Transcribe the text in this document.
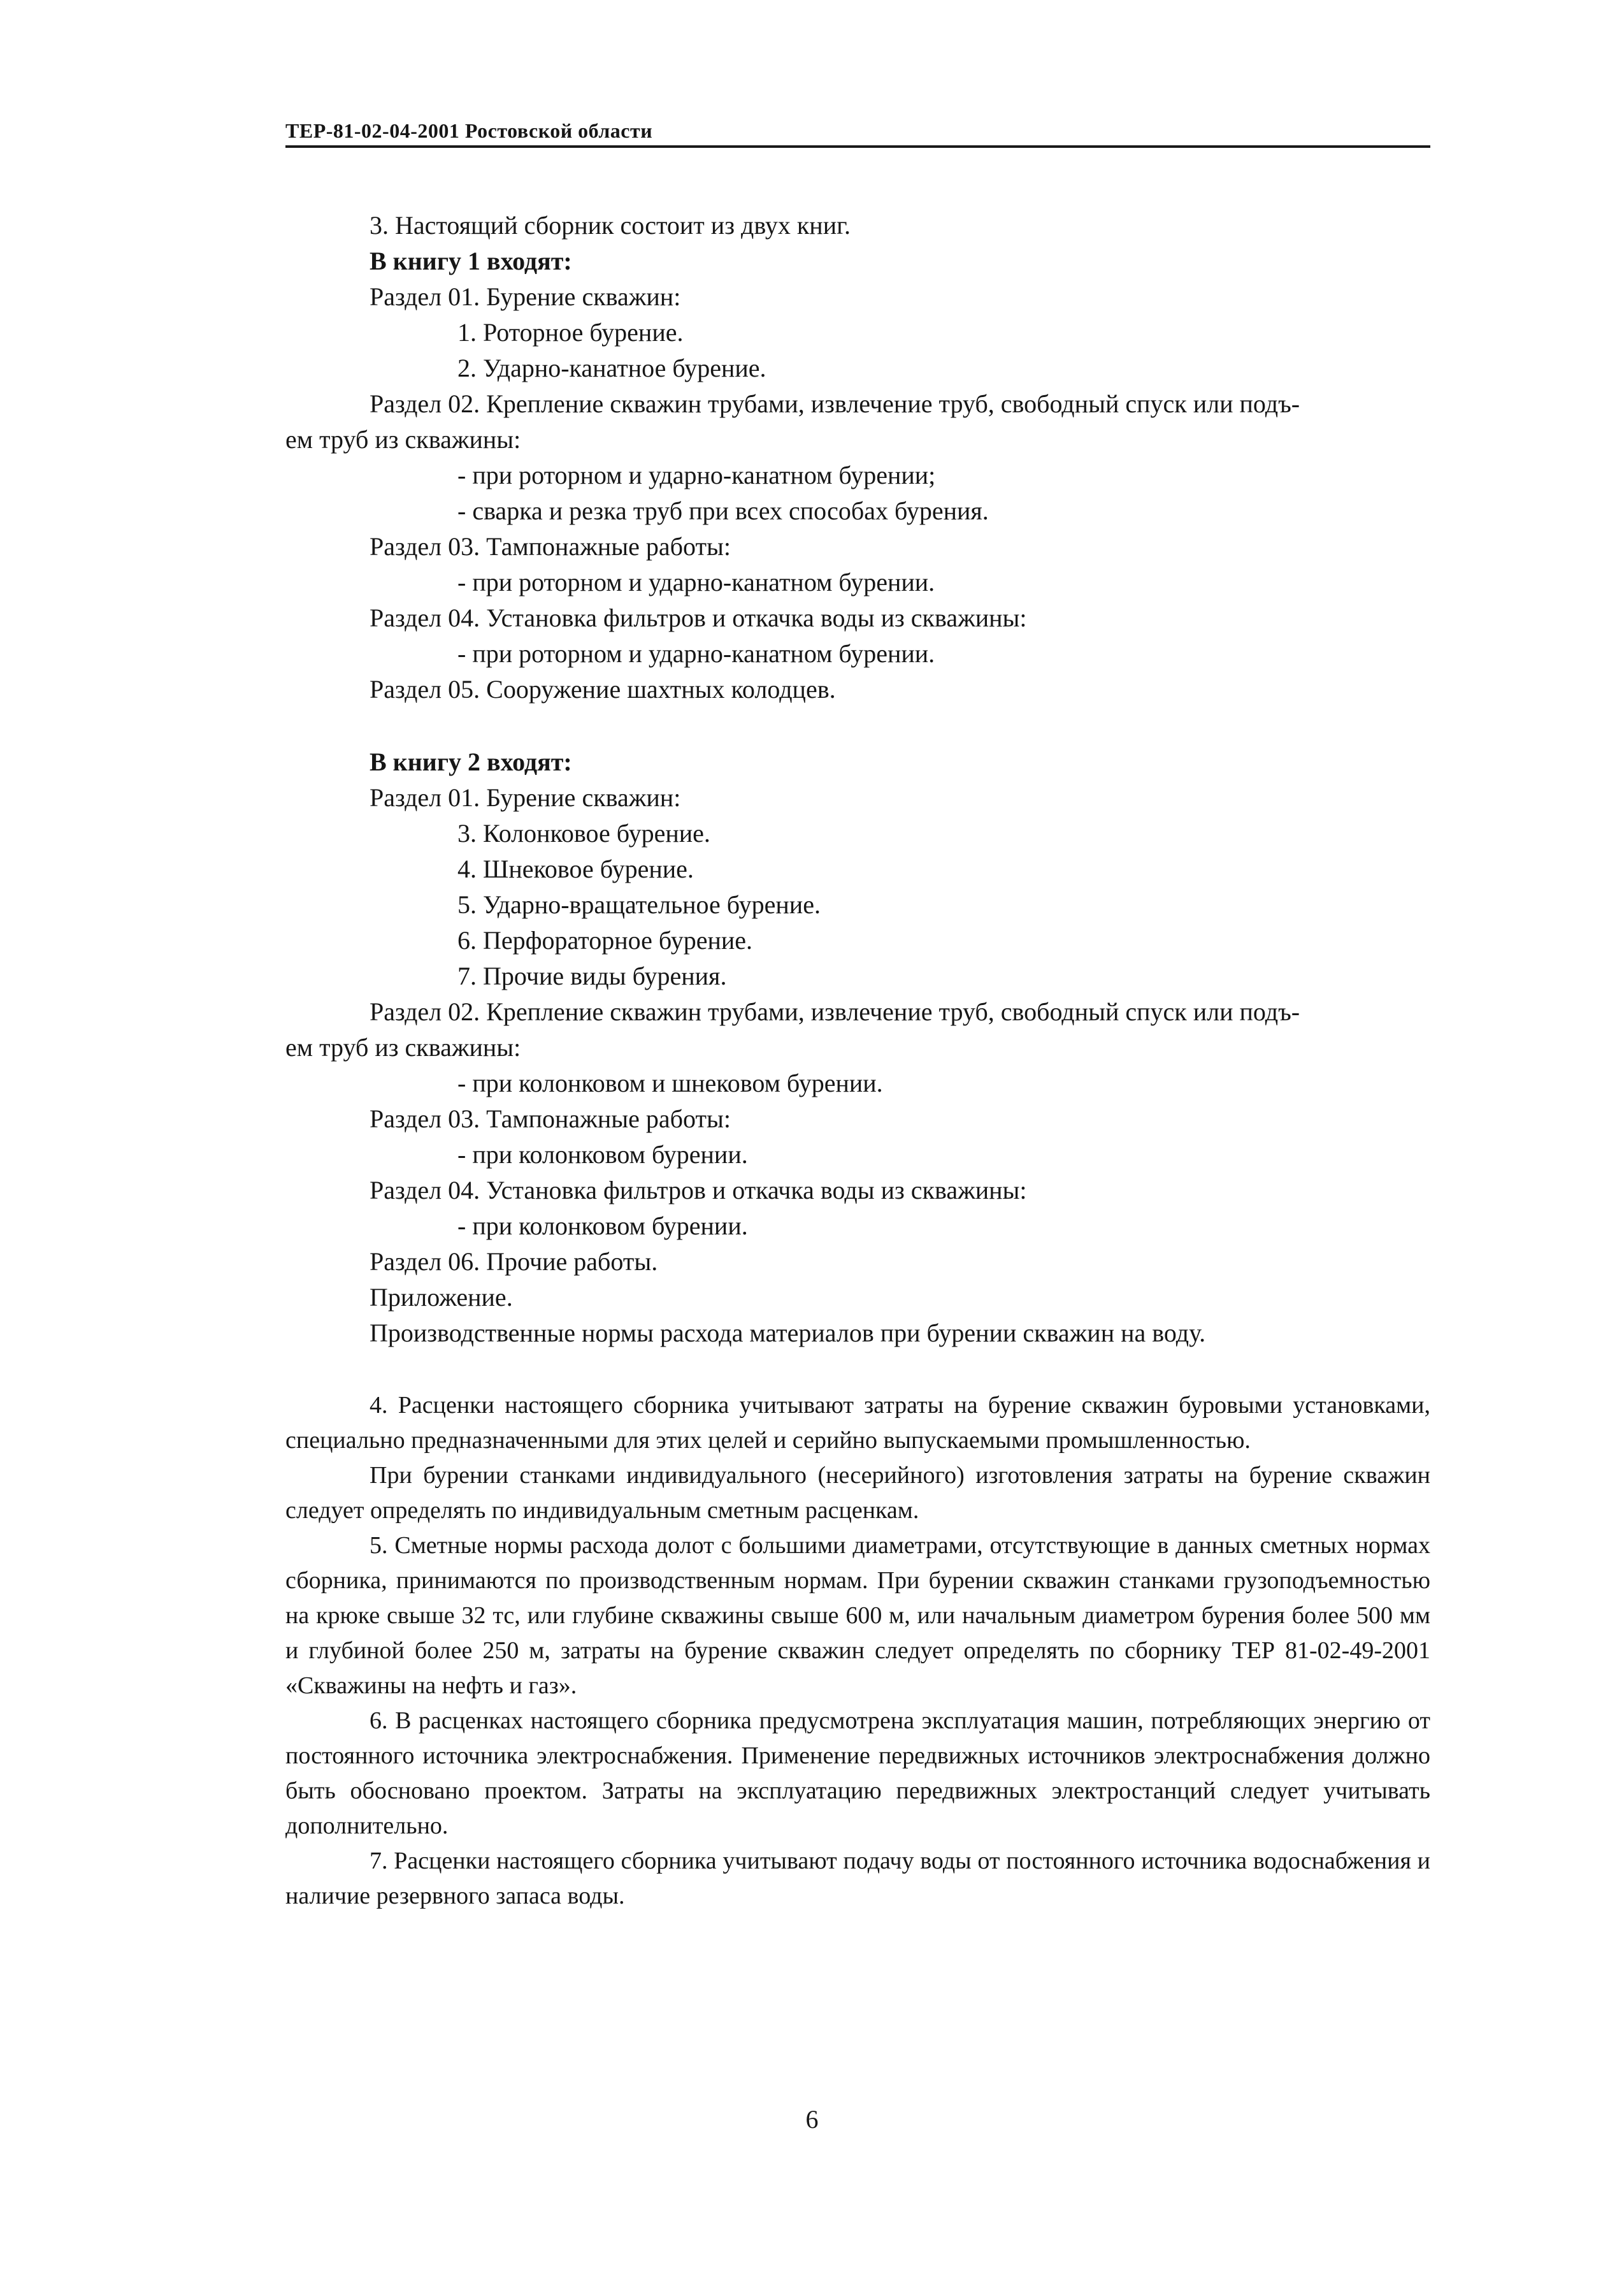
ТЕР-81-02-04-2001 Ростовской области
3. Настоящий сборник состоит из двух книг.
В книгу 1 входят:
Раздел 01. Бурение скважин:
1. Роторное бурение.
2. Ударно-канатное бурение.
Раздел 02. Крепление скважин трубами, извлечение труб, свободный спуск или подъ-
ем труб из скважины:
- при роторном и ударно-канатном бурении;
- сварка и резка труб при всех способах бурения.
Раздел 03. Тампонажные работы:
- при роторном и ударно-канатном бурении.
Раздел 04. Установка фильтров и откачка воды из скважины:
- при роторном и ударно-канатном бурении.
Раздел 05. Сооружение шахтных колодцев.
В книгу 2 входят:
Раздел 01. Бурение скважин:
3. Колонковое бурение.
4. Шнековое бурение.
5. Ударно-вращательное бурение.
6. Перфораторное бурение.
7. Прочие виды бурения.
Раздел 02. Крепление скважин трубами, извлечение труб, свободный спуск или подъ-
ем труб из скважины:
- при колонковом и шнековом бурении.
Раздел 03. Тампонажные работы:
- при колонковом бурении.
Раздел 04. Установка фильтров и откачка воды из скважины:
- при колонковом бурении.
Раздел 06. Прочие работы.
Приложение.
Производственные нормы расхода материалов при бурении скважин на воду.

4. Расценки настоящего сборника учитывают затраты на бурение скважин буровыми установками, специально предназначенными для этих целей и серийно выпускаемыми промышленностью.

При бурении станками индивидуального (несерийного) изготовления затраты на бурение скважин следует определять по индивидуальным сметным расценкам.

5. Сметные нормы расхода долот с большими диаметрами, отсутствующие в данных сметных нормах сборника, принимаются по производственным нормам. При бурении скважин станками грузоподъемностью на крюке свыше 32 тс, или глубине скважины свыше 600 м, или начальным диаметром бурения более 500 мм и глубиной более 250 м, затраты на бурение скважин следует определять по сборнику ТЕР 81-02-49-2001 «Скважины на нефть и газ».

6. В расценках настоящего сборника предусмотрена эксплуатация машин, потребляющих энергию от постоянного источника электроснабжения. Применение передвижных источников электроснабжения должно быть обосновано проектом. Затраты на эксплуатацию передвижных электростанций следует учитывать дополнительно.

7. Расценки настоящего сборника учитывают подачу воды от постоянного источника водоснабжения и наличие резервного запаса воды.

6
